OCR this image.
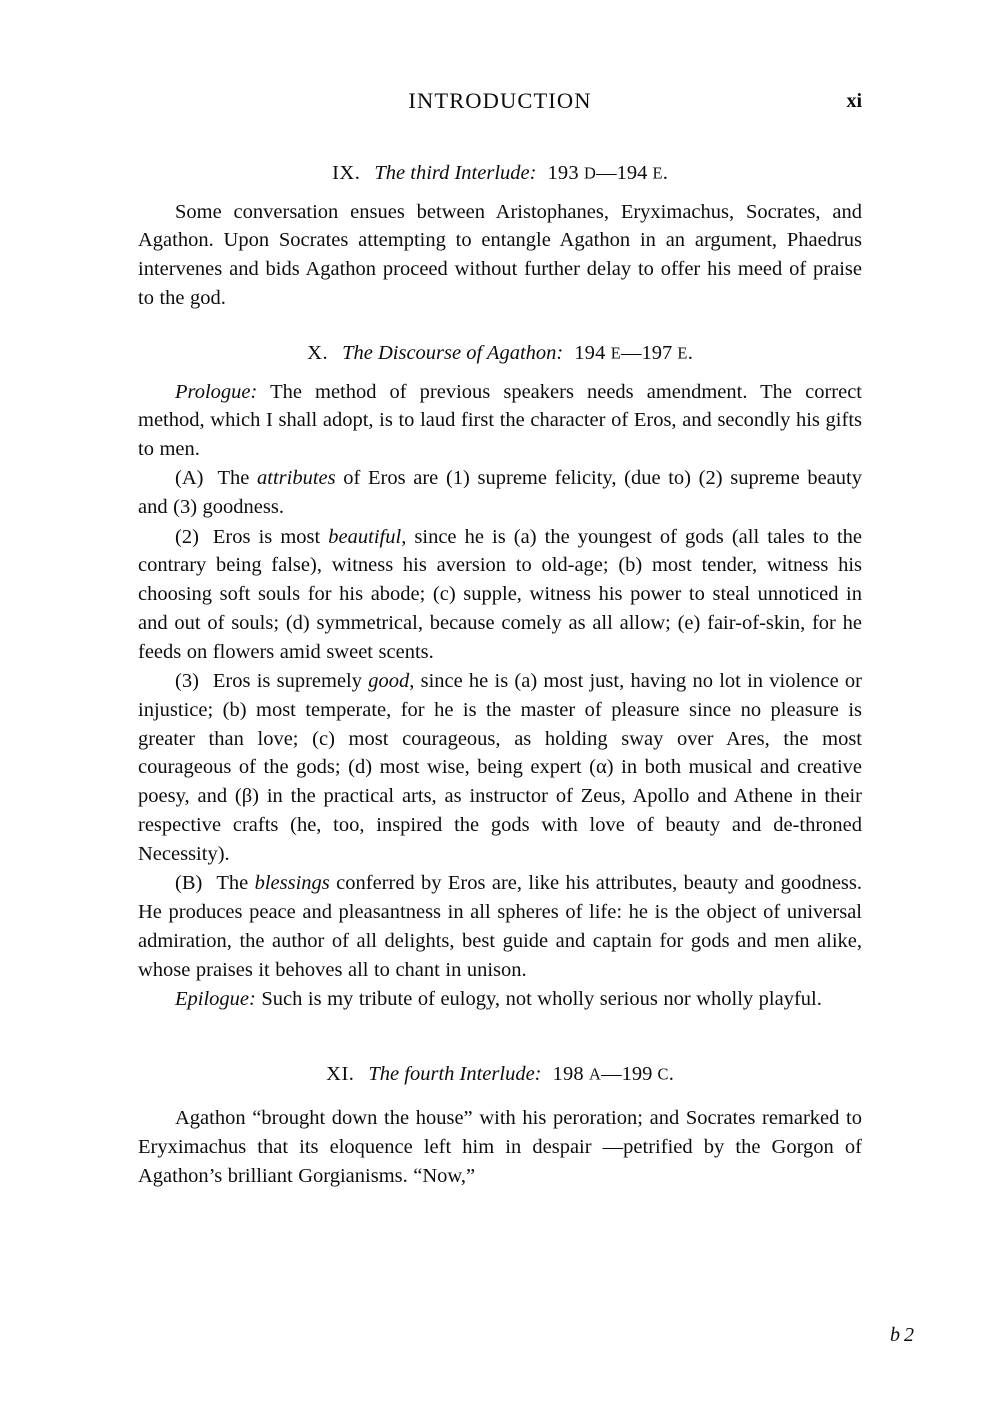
INTRODUCTION	xi
IX. The third Interlude: 193 D—194 E.

Some conversation ensues between Aristophanes, Eryximachus, Socrates, and Agathon. Upon Socrates attempting to entangle Agathon in an argument, Phaedrus intervenes and bids Agathon proceed without further delay to offer his meed of praise to the god.

X. The Discourse of Agathon: 194 E—197 E.

Prologue: The method of previous speakers needs amendment. The correct method, which I shall adopt, is to laud first the character of Eros, and secondly his gifts to men.

(A) The attributes of Eros are (1) supreme felicity, (due to) (2) supreme beauty and (3) goodness.

(2) Eros is most beautiful, since he is (a) the youngest of gods (all tales to the contrary being false), witness his aversion to old-age; (b) most tender, witness his choosing soft souls for his abode; (c) supple, witness his power to steal unnoticed in and out of souls; (d) symmetrical, because comely as all allow; (e) fair-of-skin, for he feeds on flowers amid sweet scents.

(3) Eros is supremely good, since he is (a) most just, having no lot in violence or injustice; (b) most temperate, for he is the master of pleasure since no pleasure is greater than love; (c) most courageous, as holding sway over Ares, the most courageous of the gods; (d) most wise, being expert (α) in both musical and creative poesy, and (β) in the practical arts, as instructor of Zeus, Apollo and Athene in their respective crafts (he, too, inspired the gods with love of beauty and de-throned Necessity).

(B) The blessings conferred by Eros are, like his attributes, beauty and goodness. He produces peace and pleasantness in all spheres of life: he is the object of universal admiration, the author of all delights, best guide and captain for gods and men alike, whose praises it behoves all to chant in unison.

Epilogue: Such is my tribute of eulogy, not wholly serious nor wholly playful.

XI. The fourth Interlude: 198 A—199 C.

Agathon “brought down the house” with his peroration; and Socrates remarked to Eryximachus that its eloquence left him in despair —petrified by the Gorgon of Agathon’s brilliant Gorgianisms. “Now,”

b 2
